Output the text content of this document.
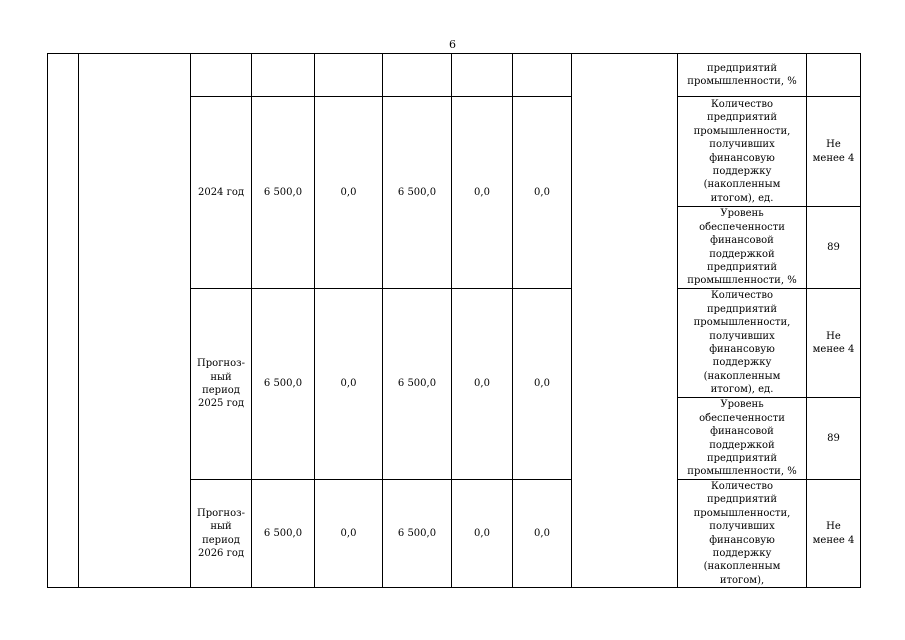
6
									предприятий промышленности, %	
		2024 год	6 500,0	0,0	6 500,0	0,0	0,0		Количество предприятий промышленности, получивших финансовую поддержку (накопленным итогом), ед.	Не менее 4
									Уровень обеспеченности финансовой поддержкой предприятий промышленности, %	89
		Прогноз-ный период 2025 год	6 500,0	0,0	6 500,0	0,0	0,0		Количество предприятий промышленности, получивших финансовую поддержку (накопленным итогом), ед.	Не менее 4
									Уровень обеспеченности финансовой поддержкой предприятий промышленности, %	89
		Прогноз-ный период 2026 год	6 500,0	0,0	6 500,0	0,0	0,0		Количество предприятий промышленности, получивших финансовую поддержку (накопленным итогом),	Не менее 4
